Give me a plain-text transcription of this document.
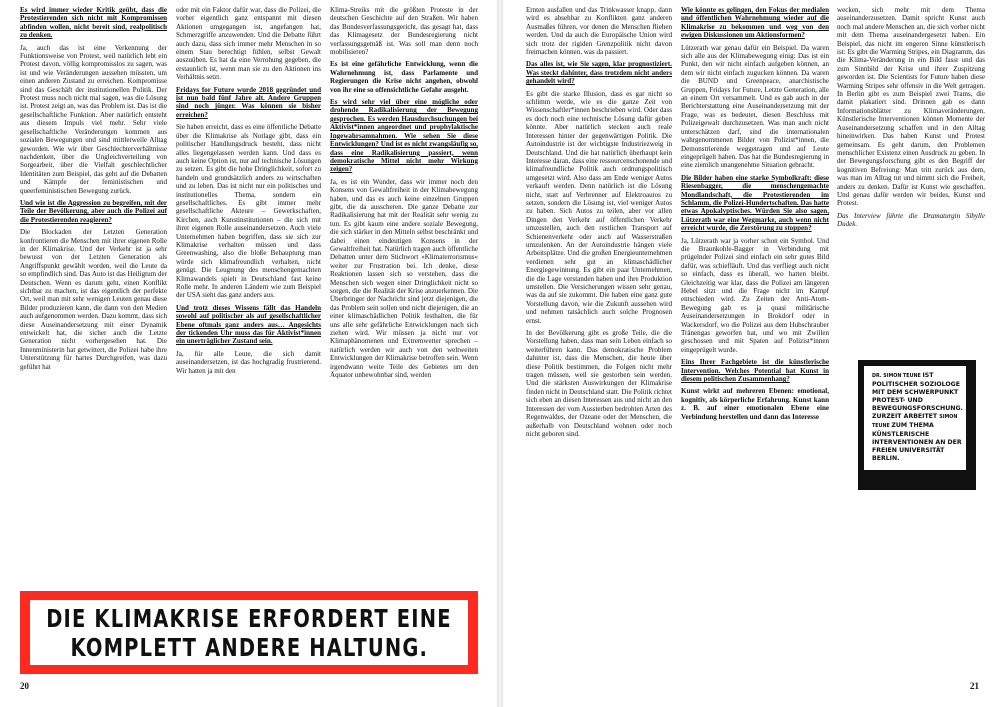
Es wird immer wieder Kritik geübt, dass die Protestierenden sich nicht mit Kompromissen abfinden wollen, nicht bereit sind, realpolitisch zu denken.

Ja, auch das ist eine Verkennung der Funktionsweise von Protest, weil natürlich lebt ein Protest davon, völlig kompromisslos zu sagen, was ist und wie Veränderungen aussehen müssten, um einen anderen Zustand zu erreichen. Kompromisse sind das Geschäft der institutionellen Politik. Der Protest muss noch nicht mal sagen, was die Lösung ist. Protest zeigt an, was das Problem ist. Das ist die gesellschaftliche Funktion. Aber natürlich entsteht aus diesem Impuls viel mehr. Sehr viele gesellschaftliche Veränderungen kommen aus sozialen Bewegungen und sind mittlerweile Alltag geworden. Wie wir über Geschlechterverhältnisse nachdenken, über die Ungleichverteilung von Sorgearbeit, über die Vielfalt geschlechtlicher Identitäten zum Beispiel, das geht auf die Debatten und Kämpfe der feministischen und queerfeministischen Bewegung zurück.

Und wie ist die Aggression zu begreifen, mit der Teile der Bevölkerung, aber auch die Polizei auf die Protestierenden reagieren?

Die Blockaden der Letzten Generation konfrontieren die Menschen mit ihrer eigenen Rolle in der Klimakrise. Und der Verkehr ist ja sehr bewusst von der Letzten Generation als Angriffspunkt gewählt worden, weil die Leute da so empfindlich sind. Das Auto ist das Heiligtum der Deutschen. Wenn es darum geht, einen Konflikt sichtbar zu machen, ist das eigentlich der perfekte Ort, weil man mit sehr wenigen Leuten genau diese Bilder produzieren kann, die dann von den Medien auch aufgenommen werden. Dazu kommt, dass sich diese Auseinandersetzung mit einer Dynamik entwickelt hat, die sicher auch die Letzte Generation nicht vorhergesehen hat. Die Innenministerin hat getwittert, die Polizei habe ihre Unterstützung für hartes Durchgreifen, was dazu geführt hat

oder mit ein Faktor dafür war, dass die Polizei, die vorher eigentlich ganz entspannt mit diesen Aktionen umgegangen ist, angefangen hat, Schmerzgriffe anzuwenden. Und die Debatte führt auch dazu, dass sich immer mehr Menschen in so einem Stau berechtigt fühlen, selbst Gewalt auszuüben. Es hat da eine Verrohung gegeben, die erstaunlich ist, wenn man sie zu den Aktionen ins Verhältnis setzt.

Fridays for Future wurde 2018 gegründet und ist nun bald fünf Jahre alt. Andere Gruppen sind noch jünger. Was können sie bisher erreichen?

Sie haben erreicht, dass es eine öffentliche Debatte über die Klimakrise als Notlage gibt, dass ein politischer Handlungsdruck besteht, dass nicht alles liegengelassen werden kann. Und dass es auch keine Option ist, nur auf technische Lösungen zu setzen. Es gibt die hohe Dringlichkeit, sofort zu handeln und grundsätzlich anders zu wirtschaften und zu leben. Das ist nicht nur ein politisches und institutionelles Thema, sondern ein gesellschaftliches. Es gibt immer mehr gesellschaftliche Akteure – Gewerkschaften, Kirchen, auch Kunstinstitutionen – die sich mit ihrer eigenen Rolle auseinandersetzen. Auch viele Unternehmen haben begriffen, dass sie sich zur Klimakrise verhalten müssen und dass Greenwashing, also die bloße Behauptung man würde sich klimafreundlich verhalten, nicht genügt. Die Leugnung des menschengemachten Klimawandels spielt in Deutschland fast keine Rolle mehr. In anderen Ländern wie zum Beispiel der USA sieht das ganz anders aus.

Und trotz dieses Wissens fällt das Handeln sowohl auf politischer als auf gesellschaftlicher Ebene oftmals ganz anders aus… Angesichts der tickenden Uhr muss das für Aktivist*innen ein unerträglicher Zustand sein.

Ja, für alle Leute, die sich damit auseinandersetzen, ist das hochgradig frustrierend. Wir hatten ja mit den

Klima-Streiks mit die größten Proteste in der deutschen Geschichte auf den Straßen. Wir haben das Bundesverfassungsgericht, das gesagt hat, dass das Klimagesetz der Bundesregierung nicht verfassungsgemäß ist. Was soll man denn noch mobilisieren?

Es ist eine gefährliche Entwicklung, wenn die Wahrnehmung ist, dass Parlamente und Regierungen die Krise nicht angehen, obwohl von ihr eine so offensichtliche Gefahr ausgeht.

Es wird sehr viel über eine mögliche oder drohende Radikalisierung der Bewegung gesprochen. Es werden Hausdurchsuchungen bei Aktivist*innen angeordnet und prophylaktische Ingewahrsamnahmen. Wie sehen Sie diese Entwicklungen? Und ist es nicht zwangsläufig so, dass eine Radikalisierung passiert, wenn demokratische Mittel nicht mehr Wirkung zeigen?

Ja, es ist ein Wunder, dass wir immer noch den Konsens von Gewaltfreiheit in der Klimabewegung haben, und das es auch keine einzelnen Gruppen gibt, die da ausscheren. Die ganze Debatte zur Radikalisierung hat mit der Realität sehr wenig zu tun. Es gibt kaum eine andere soziale Bewegung, die sich stärker in den Mitteln selbst beschränkt und dabei einen eindeutigen Konsens in der Gewaltfreiheit hat. Natürlich tragen auch öffentliche Debatten unter dem Stichwort »Klimaterrorismus« weiter zur Frustration bei. Ich denke, diese Reaktionen lassen sich so verstehen, dass die Menschen sich wegen einer Dringlichkeit nicht so sorgen, die die Realität der Krise anzuerkennen. Die Überbringer der Nachricht sind jetzt diejenigen, die das Problem sein sollen und nicht diejenigen, die an einer klimaschädlichen Politik festhalten, die für uns alle sehr gefährliche Entwicklungen nach sich ziehen wird. Wir müssen ja nicht nur vor Klimaphänomenen und Extremwetter sprechen – natürlich werden wir auch von den weltweiten Entwicklungen der Klimakrise betroffen sein. Wenn irgendwann weite Teile des Gebietes um den Äquator unbewohnbar sind, werden

DIE KLIMAKRISE ERFORDERT EINE
KOMPLETT ANDERE HALTUNG.
20

Ernten ausfallen und das Trinkwasser knapp, dann wird es absehbar zu Konflikten ganz anderen Ausmaßes führen, vor denen die Menschen fliehen werden. Und da auch die Europäische Union wird sich trotz der rigiden Grenzpolitik nicht davon freimachen können, was da passiert.

Das alles ist, wie Sie sagen, klar prognostiziert. Was steckt dahinter, dass trotzdem nicht anders gehandelt wird?

Es gibt die starke Illusion, dass es gar nicht so schlimm werde, wie es die ganze Zeit von Wissenschaftler*innen beschrieben wird. Oder dass es doch noch eine technische Lösung dafür geben könnte. Aber natürlich stecken auch reale Interessen hinter der gegenwärtigen Politik. Die Autoindustrie ist der wichtigste Industriezweig in Deutschland. Und die hat natürlich überhaupt kein Interesse daran, dass eine ressourcenschonende und klimafreundliche Politik auch ordnungspolitisch umgesetzt wird. Also dass am Ende weniger Autos verkauft werden. Denn natürlich ist die Lösung nicht, statt auf Verbrenner auf Elektroautos zu setzen, sondern die Lösung ist, viel weniger Autos zu haben. Sich Autos zu teilen, aber vor allen Dingen den Verkehr auf öffentlichen Verkehr umzustellen, auch den restlichen Transport auf Schienenverkehr oder auch auf Wasserstraßen umzulenken. An der Autoindustrie hängen viele Arbeitsplätze. Und die großen Energieunternehmen verdienen sehr gut an klimaschädlicher Energiegewinnung. Es gibt ein paar Unternehmen, die die Lage verstanden haben und ihre Produktion umstellen. Die Versicherungen wissen sehr genau, was da auf sie zukommt. Die haben eine ganz gute Vorstellung davon, wie die Zukunft aussehen wird und nehmen tatsächlich auch solche Prognosen ernst.

In der Bevölkerung gibt es große Teile, die die Vorstellung haben, dass man sein Leben einfach so weiterführen kann. Das demokratische Problem dahinter ist, dass die Menschen, die heute über diese Politik bestimmen, die Folgen nicht mehr tragen müssen, weil sie gestorben sein werden. Und die stärksten Auswirkungen der Klimakrise finden nicht in Deutschland statt. Die Politik richtet sich eben an diesen Interessen aus und nicht an den Interessen der vom Aussterben bedrohten Arten des Regenwaldes, der Ozeane oder der Menschen, die außerhalb von Deutschland wohnen oder noch nicht geboren sind.

Wie könnte es gelingen, den Fokus der medialen und öffentlichen Wahrnehmung wieder auf die Klimakrise zu bekommen und weg von den ewigen Diskussionen um Aktionsformen?

Lützerath war genau dafür ein Beispiel. Da waren sich alle aus der Klimabewegung einig: Das ist ein Punkt, den wir nicht einfach aufgeben können, an dem wir nicht einfach zugucken können. Da waren die BUND und Greenpeace, anarchistische Gruppen, Fridays for Future, Letzte Generation, alle an einem Ort versammelt. Und es gab auch in der Berichterstattung eine Auseinandersetzung mit der Frage, was es bedeutet, diesen Beschluss mit Polizeigewalt durchzusetzen. Was man auch nicht unterschätzen darf, sind die internationalen wahrgenommenen Bilder von Polizist*innen, die Demonstrierende weggetragen und auf Leute eingeprügelt haben. Das hat die Bundesregierung in eine ziemlich unangenehme Situation gebracht.

Die Bilder haben eine starke Symbolkraft: diese Riesenbagger, die menschengemachte Mondlandschaft, die Protestierenden im Schlamm, die Polizei-Hundertschaften. Das hatte etwas Apokalyptisches. Würden Sie also sagen, Lützerath war eine Wegmarke, auch wenn nicht erreicht wurde, die Zerstörung zu stoppen?

Ja, Lützerath war ja vorher schon ein Symbol. Und die Braunkohle-Bagger in Verbindung mit prügelnder Polizei sind einfach ein sehr gutes Bild dafür, was schiefläuft. Und das verfliegt auch nicht so einfach, dass es überall, wo hatten bleibt. Gleichzeitig war klar, dass die Polizei am längeren Hebel sitzt und die Frage nicht im Kampf entschieden wird. Zu Zeiten der Anti-Atom-Bewegung gab es ja quasi militärische Auseinandersetzungen in Brokdorf oder in Wackersdorf, wo die Polizei aus dem Hubschrauber Tränengas geworfen hat, und wo mit Zwillen geschossen und mit Spaten auf Polizist*innen eingeprügelt wurde.

Eins Ihrer Fachgebiete ist die künstlerische Intervention. Welches Potential hat Kunst in diesem politischen Zusammenhang?

Kunst wirkt auf mehreren Ebenen: emotional, kognitiv, als körperliche Erfahrung. Kunst kann z. B. auf einer emotionalen Ebene eine Verbindung herstellen und dann das Interesse

wecken, sich mehr mit dem Thema auseinanderzusetzen. Damit spricht Kunst auch noch mal andere Menschen an, die sich vorher nicht mit dem Thema auseinandergesetzt haben. Ein Beispiel, das nicht im engeren Sinne künstlerisch ist: Es gibt die Warming Stripes, ein Diagramm, das die Klima-Veränderung in ein Bild fasst und das zum Sinnbild der Krise und ihrer Zuspitzung geworden ist. Die Scientists for Future haben diese Warming Stripes sehr offensiv in die Welt getragen. In Berlin gibt es zum Beispiel zwei Trams, die damit plakatiert sind. Drinnen gab es dann Informationsblätter zu Klimaveränderungen. Künstlerische Interventionen können Momente der Auseinandersetzung schaffen und in den Alltag hineinwirken. Das haben Kunst und Protest gemeinsam. Es geht darum, den Problemen menschlicher Existenz einen Ausdruck zu geben. In der Bewegungsforschung gibt es den Begriff der kognitiven Befreiung: Man tritt zurück aus dem, was man im Alltag tut und nimmt sich die Freiheit, anders zu denken. Dafür ist Kunst wie geschaffen. Und genau dafür werden wir beides, Kunst und Protest.

Das Interview führte die Dramaturgin Sibylle Dudek.

DR. SIMON TEUNE IST POLITISCHER SOZIOLOGE MIT DEM SCHWERPUNKT PROTEST- UND BEWEGUNGSFORSCHUNG. ZURZEIT ARBEITET SIMON TEUNE ZUM THEMA KÜNSTLERISCHE INTERVENTIONEN AN DER FREIEN UNIVERSITÄT BERLIN.
21
